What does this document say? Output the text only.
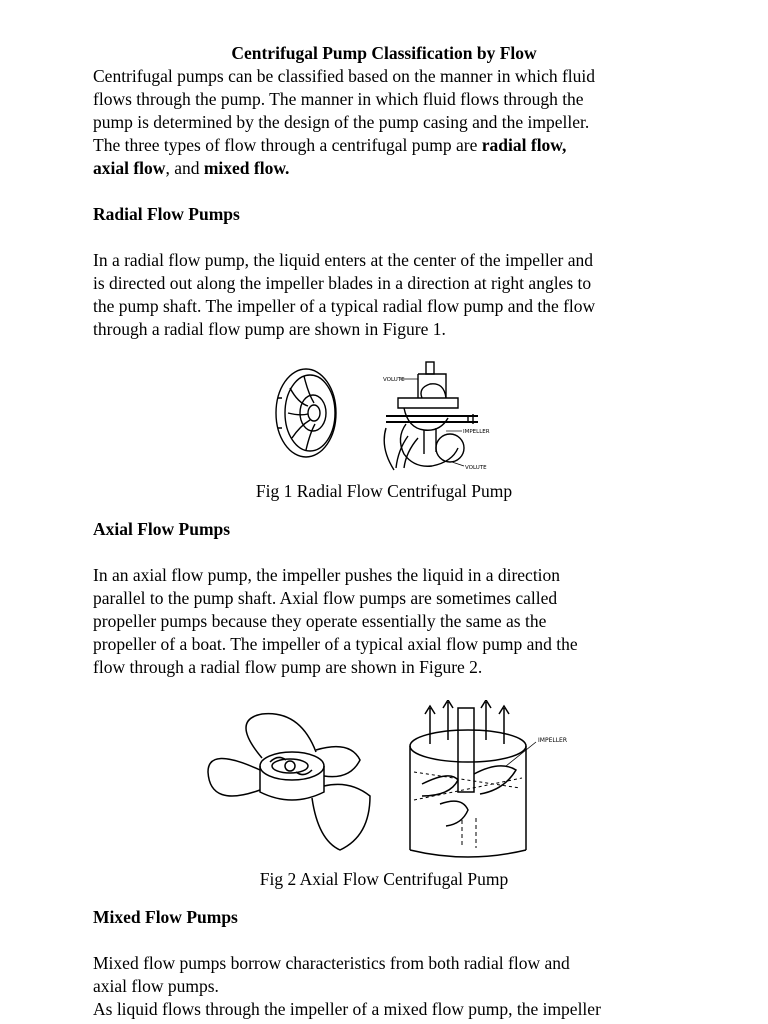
Centrifugal Pump Classification by Flow

Centrifugal pumps can be classified based on the manner in which fluid
flows through the pump. The manner in which fluid flows through the
pump is determined by the design of the pump casing and the impeller.
The three types of flow through a centrifugal pump are radial flow,
axial flow, and mixed flow.
Radial Flow Pumps
In a radial flow pump, the liquid enters at the center of the impeller and
is directed out along the impeller blades in a direction at right angles to
the pump shaft. The impeller of a typical radial flow pump and the flow
through a radial flow pump are shown in Figure 1.
VOLUTE
IMPELLER
VOLUTE

Fig 1 Radial Flow Centrifugal Pump

Axial Flow Pumps
In an axial flow pump, the impeller pushes the liquid in a direction
parallel to the pump shaft. Axial flow pumps are sometimes called
propeller pumps because they operate essentially the same as the
propeller of a boat. The impeller of a typical axial flow pump and the
flow through a radial flow pump are shown in Figure 2.
IMPELLER

Fig 2 Axial Flow Centrifugal Pump

Mixed Flow Pumps
Mixed flow pumps borrow characteristics from both radial flow and
axial flow pumps.
As liquid flows through the impeller of a mixed flow pump, the impeller
